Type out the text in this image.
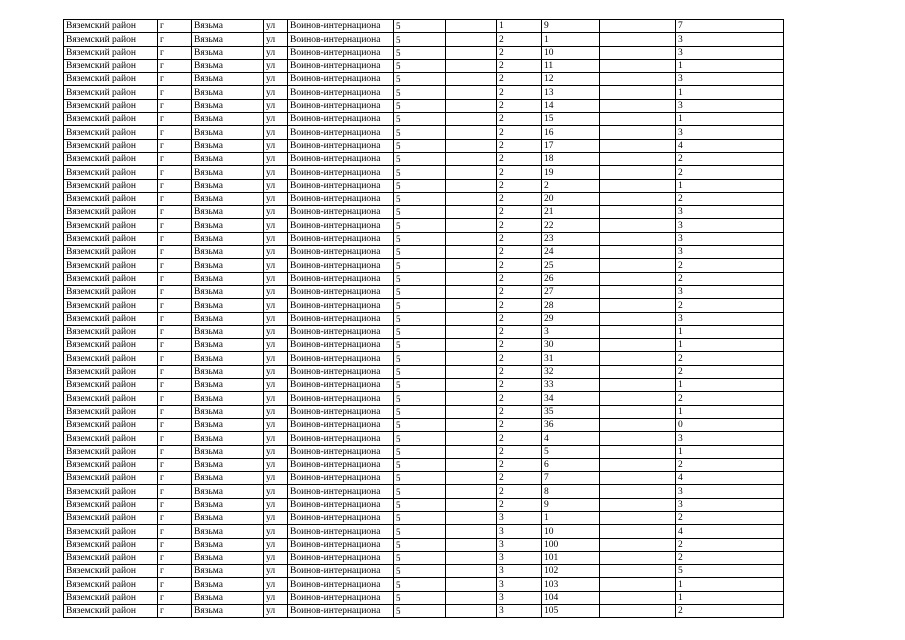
Вяземский район	г	Вязьма	ул	Воинов-интернациона	5		1	9		7
Вяземский район	г	Вязьма	ул	Воинов-интернациона	5		2	1		3
Вяземский район	г	Вязьма	ул	Воинов-интернациона	5		2	10		3
Вяземский район	г	Вязьма	ул	Воинов-интернациона	5		2	11		1
Вяземский район	г	Вязьма	ул	Воинов-интернациона	5		2	12		3
Вяземский район	г	Вязьма	ул	Воинов-интернациона	5		2	13		1
Вяземский район	г	Вязьма	ул	Воинов-интернациона	5		2	14		3
Вяземский район	г	Вязьма	ул	Воинов-интернациона	5		2	15		1
Вяземский район	г	Вязьма	ул	Воинов-интернациона	5		2	16		3
Вяземский район	г	Вязьма	ул	Воинов-интернациона	5		2	17		4
Вяземский район	г	Вязьма	ул	Воинов-интернациона	5		2	18		2
Вяземский район	г	Вязьма	ул	Воинов-интернациона	5		2	19		2
Вяземский район	г	Вязьма	ул	Воинов-интернациона	5		2	2		1
Вяземский район	г	Вязьма	ул	Воинов-интернациона	5		2	20		2
Вяземский район	г	Вязьма	ул	Воинов-интернациона	5		2	21		3
Вяземский район	г	Вязьма	ул	Воинов-интернациона	5		2	22		3
Вяземский район	г	Вязьма	ул	Воинов-интернациона	5		2	23		3
Вяземский район	г	Вязьма	ул	Воинов-интернациона	5		2	24		3
Вяземский район	г	Вязьма	ул	Воинов-интернациона	5		2	25		2
Вяземский район	г	Вязьма	ул	Воинов-интернациона	5		2	26		2
Вяземский район	г	Вязьма	ул	Воинов-интернациона	5		2	27		3
Вяземский район	г	Вязьма	ул	Воинов-интернациона	5		2	28		2
Вяземский район	г	Вязьма	ул	Воинов-интернациона	5		2	29		3
Вяземский район	г	Вязьма	ул	Воинов-интернациона	5		2	3		1
Вяземский район	г	Вязьма	ул	Воинов-интернациона	5		2	30		1
Вяземский район	г	Вязьма	ул	Воинов-интернациона	5		2	31		2
Вяземский район	г	Вязьма	ул	Воинов-интернациона	5		2	32		2
Вяземский район	г	Вязьма	ул	Воинов-интернациона	5		2	33		1
Вяземский район	г	Вязьма	ул	Воинов-интернациона	5		2	34		2
Вяземский район	г	Вязьма	ул	Воинов-интернациона	5		2	35		1
Вяземский район	г	Вязьма	ул	Воинов-интернациона	5		2	36		0
Вяземский район	г	Вязьма	ул	Воинов-интернациона	5		2	4		3
Вяземский район	г	Вязьма	ул	Воинов-интернациона	5		2	5		1
Вяземский район	г	Вязьма	ул	Воинов-интернациона	5		2	6		2
Вяземский район	г	Вязьма	ул	Воинов-интернациона	5		2	7		4
Вяземский район	г	Вязьма	ул	Воинов-интернациона	5		2	8		3
Вяземский район	г	Вязьма	ул	Воинов-интернациона	5		2	9		3
Вяземский район	г	Вязьма	ул	Воинов-интернациона	5		3	1		2
Вяземский район	г	Вязьма	ул	Воинов-интернациона	5		3	10		4
Вяземский район	г	Вязьма	ул	Воинов-интернациона	5		3	100		2
Вяземский район	г	Вязьма	ул	Воинов-интернациона	5		3	101		2
Вяземский район	г	Вязьма	ул	Воинов-интернациона	5		3	102		5
Вяземский район	г	Вязьма	ул	Воинов-интернациона	5		3	103		1
Вяземский район	г	Вязьма	ул	Воинов-интернациона	5		3	104		1
Вяземский район	г	Вязьма	ул	Воинов-интернациона	5		3	105		2
